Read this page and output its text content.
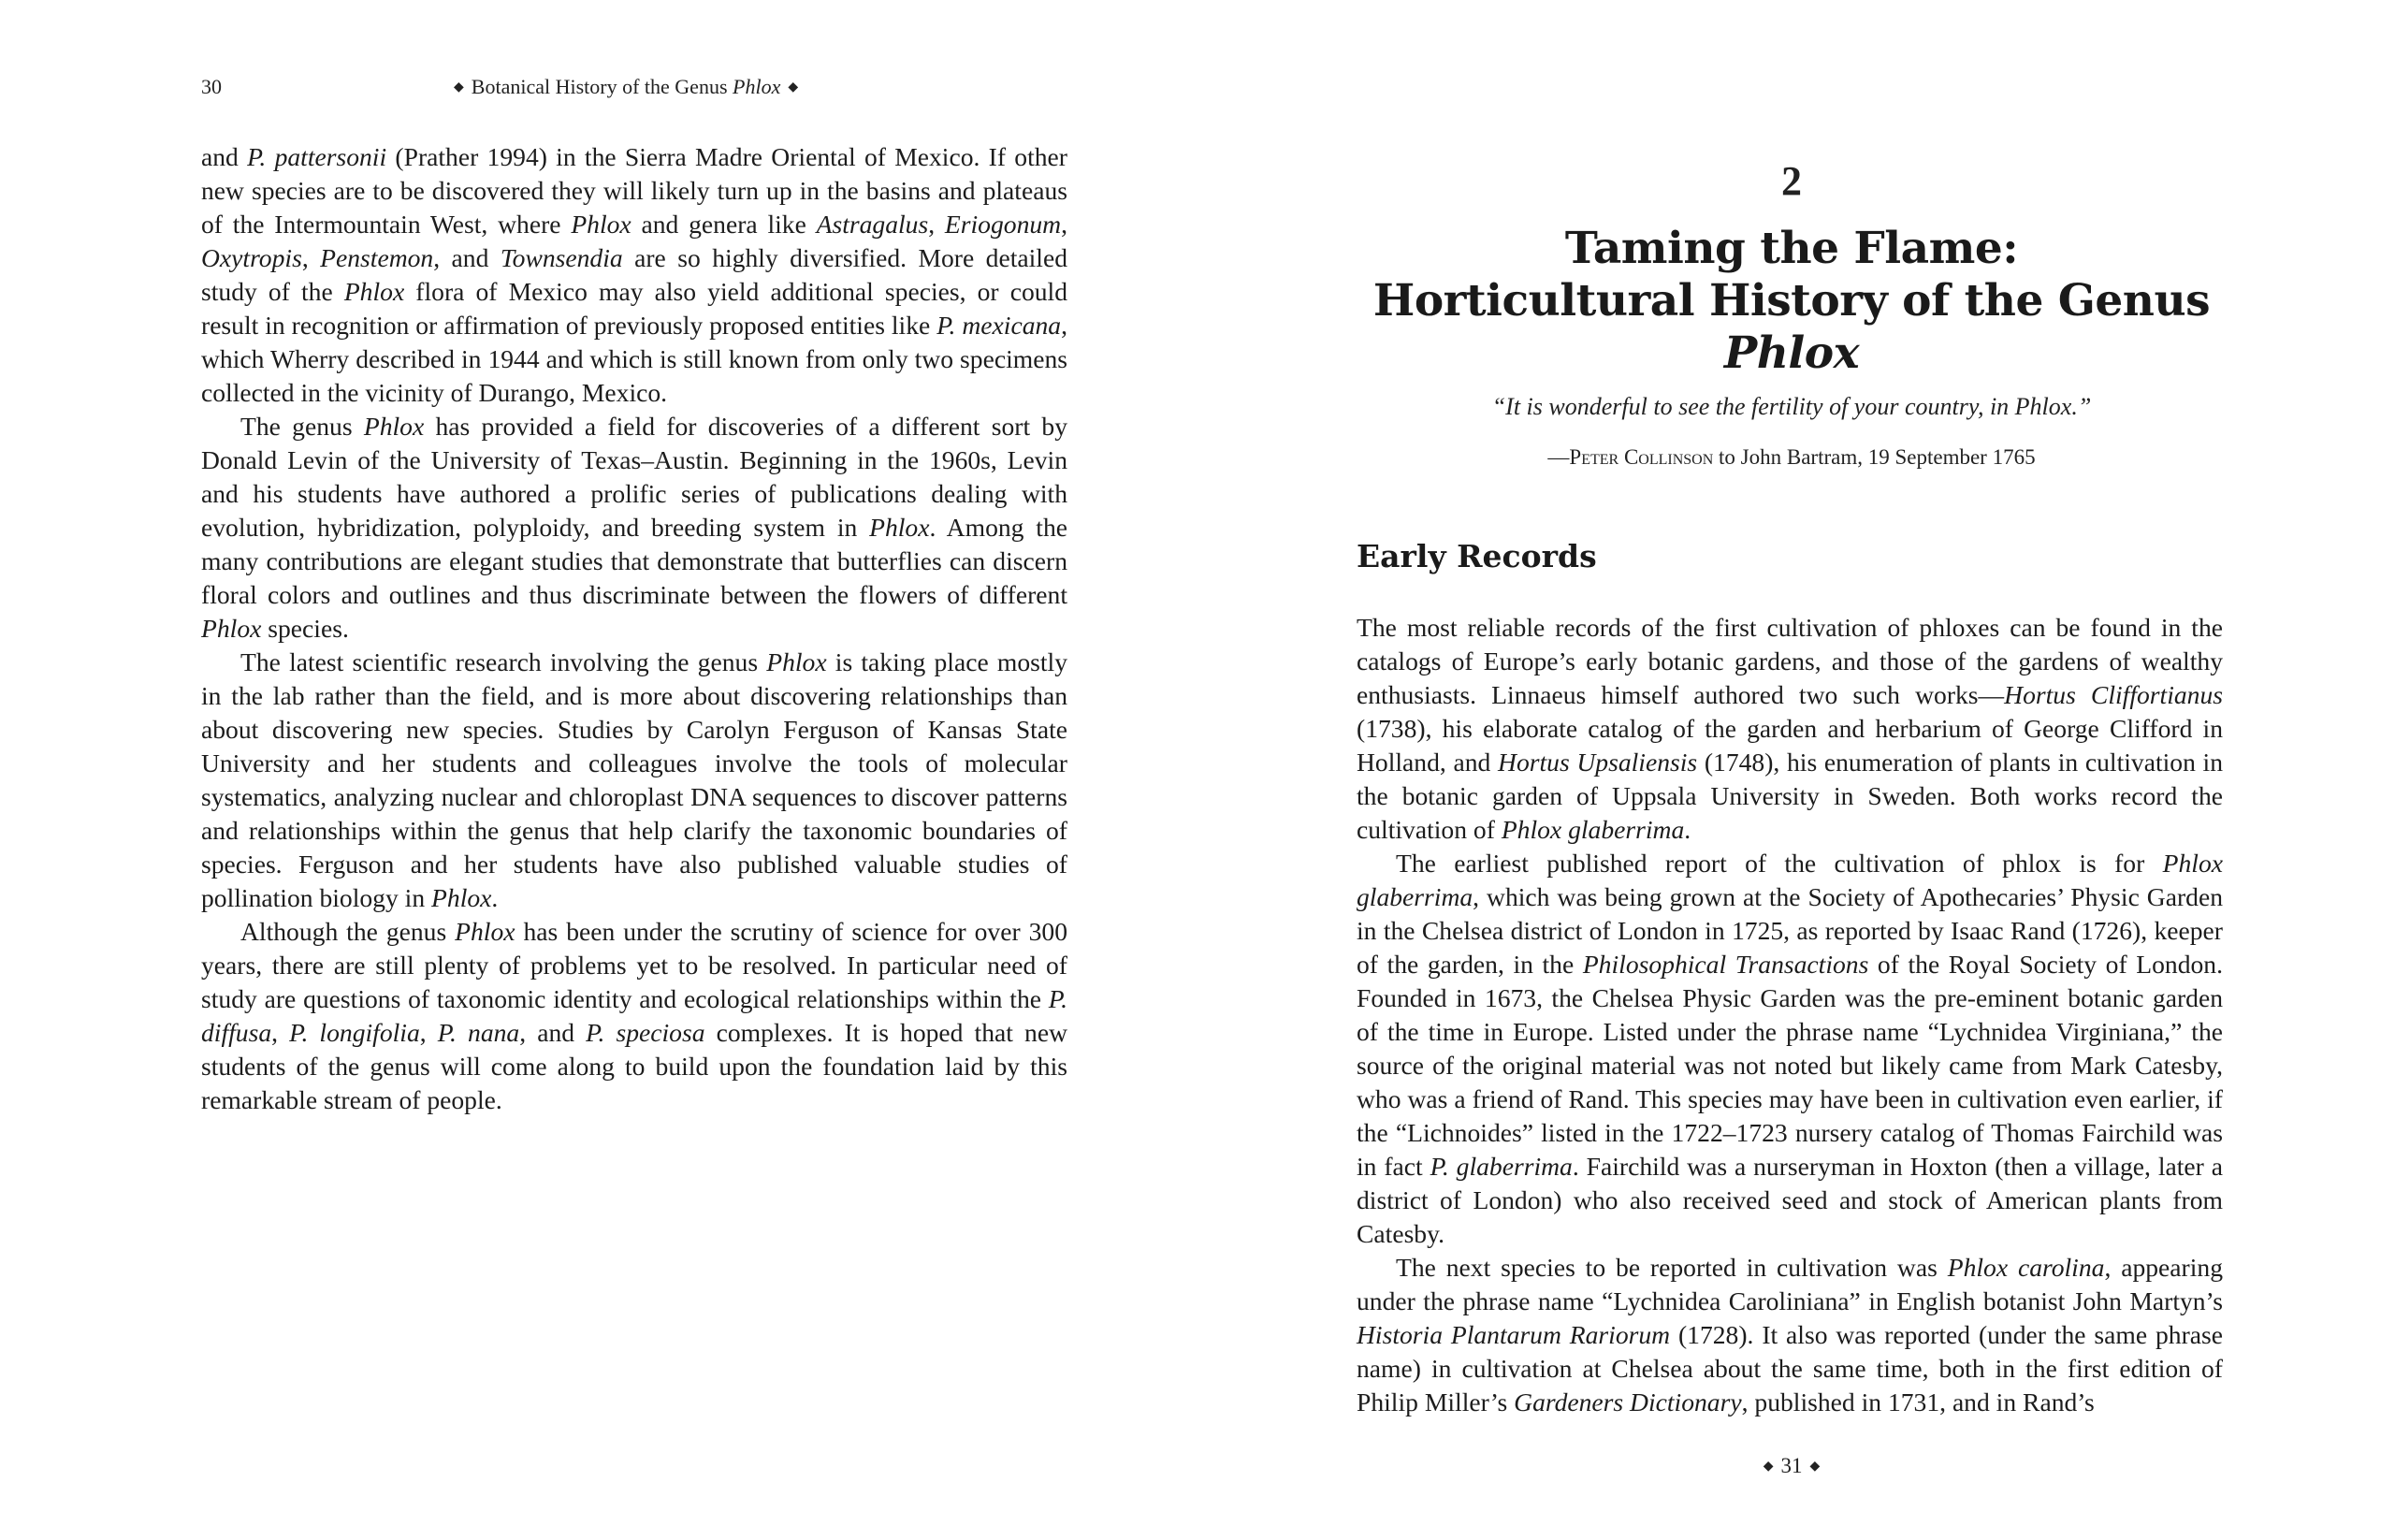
30	◆ Botanical History of the Genus Phlox ◆

and P. pattersonii (Prather 1994) in the Sierra Madre Oriental of Mexico. If other new species are to be discovered they will likely turn up in the basins and plateaus of the Intermountain West, where Phlox and genera like Astragalus, Eriogonum, Oxytropis, Penstemon, and Townsendia are so highly diversified. More detailed study of the Phlox flora of Mexico may also yield additional species, or could result in recognition or affirmation of previously proposed entities like P. mexicana, which Wherry described in 1944 and which is still known from only two specimens collected in the vicinity of Durango, Mexico.

The genus Phlox has provided a field for discoveries of a different sort by Donald Levin of the University of Texas–Austin. Beginning in the 1960s, Levin and his students have authored a prolific series of publications dealing with evolution, hybridization, polyploidy, and breeding system in Phlox. Among the many contributions are elegant studies that demonstrate that butterflies can discern floral colors and outlines and thus discriminate between the flowers of different Phlox species.

The latest scientific research involving the genus Phlox is taking place mostly in the lab rather than the field, and is more about discovering relationships than about discovering new species. Studies by Carolyn Ferguson of Kansas State University and her students and colleagues involve the tools of molecular systematics, analyzing nuclear and chloroplast DNA sequences to discover patterns and relationships within the genus that help clarify the taxonomic boundaries of species. Ferguson and her students have also published valuable studies of pollination biology in Phlox.

Although the genus Phlox has been under the scrutiny of science for over 300 years, there are still plenty of problems yet to be resolved. In particular need of study are questions of taxonomic identity and ecological relationships within the P. diffusa, P. longifolia, P. nana, and P. speciosa complexes. It is hoped that new students of the genus will come along to build upon the foundation laid by this remarkable stream of people.

2
Taming the Flame:
Horticultural History of the Genus Phlox
“It is wonderful to see the fertility of your country, in Phlox.”
—Peter Collinson to John Bartram, 19 September 1765
Early Records

The most reliable records of the first cultivation of phloxes can be found in the catalogs of Europe’s early botanic gardens, and those of the gardens of wealthy enthusiasts. Linnaeus himself authored two such works—Hortus Cliffortianus (1738), his elaborate catalog of the garden and herbarium of George Clifford in Holland, and Hortus Upsaliensis (1748), his enumeration of plants in cultivation in the botanic garden of Uppsala University in Sweden. Both works record the cultivation of Phlox glaberrima.

The earliest published report of the cultivation of phlox is for Phlox glaberrima, which was being grown at the Society of Apothecaries’ Physic Garden in the Chelsea district of London in 1725, as reported by Isaac Rand (1726), keeper of the garden, in the Philosophical Transactions of the Royal Society of London. Founded in 1673, the Chelsea Physic Garden was the pre-eminent botanic garden of the time in Europe. Listed under the phrase name “Lychnidea Virginiana,” the source of the original material was not noted but likely came from Mark Catesby, who was a friend of Rand. This species may have been in cultivation even earlier, if the “Lichnoides” listed in the 1722–1723 nursery catalog of Thomas Fairchild was in fact P. glaberrima. Fairchild was a nurseryman in Hoxton (then a village, later a district of London) who also received seed and stock of American plants from Catesby.

The next species to be reported in cultivation was Phlox carolina, appearing under the phrase name “Lychnidea Caroliniana” in English botanist John Martyn’s Historia Plantarum Rariorum (1728). It also was reported (under the same phrase name) in cultivation at Chelsea about the same time, both in the first edition of Philip Miller’s Gardeners Dictionary, published in 1731, and in Rand’s

◆ 31 ◆
